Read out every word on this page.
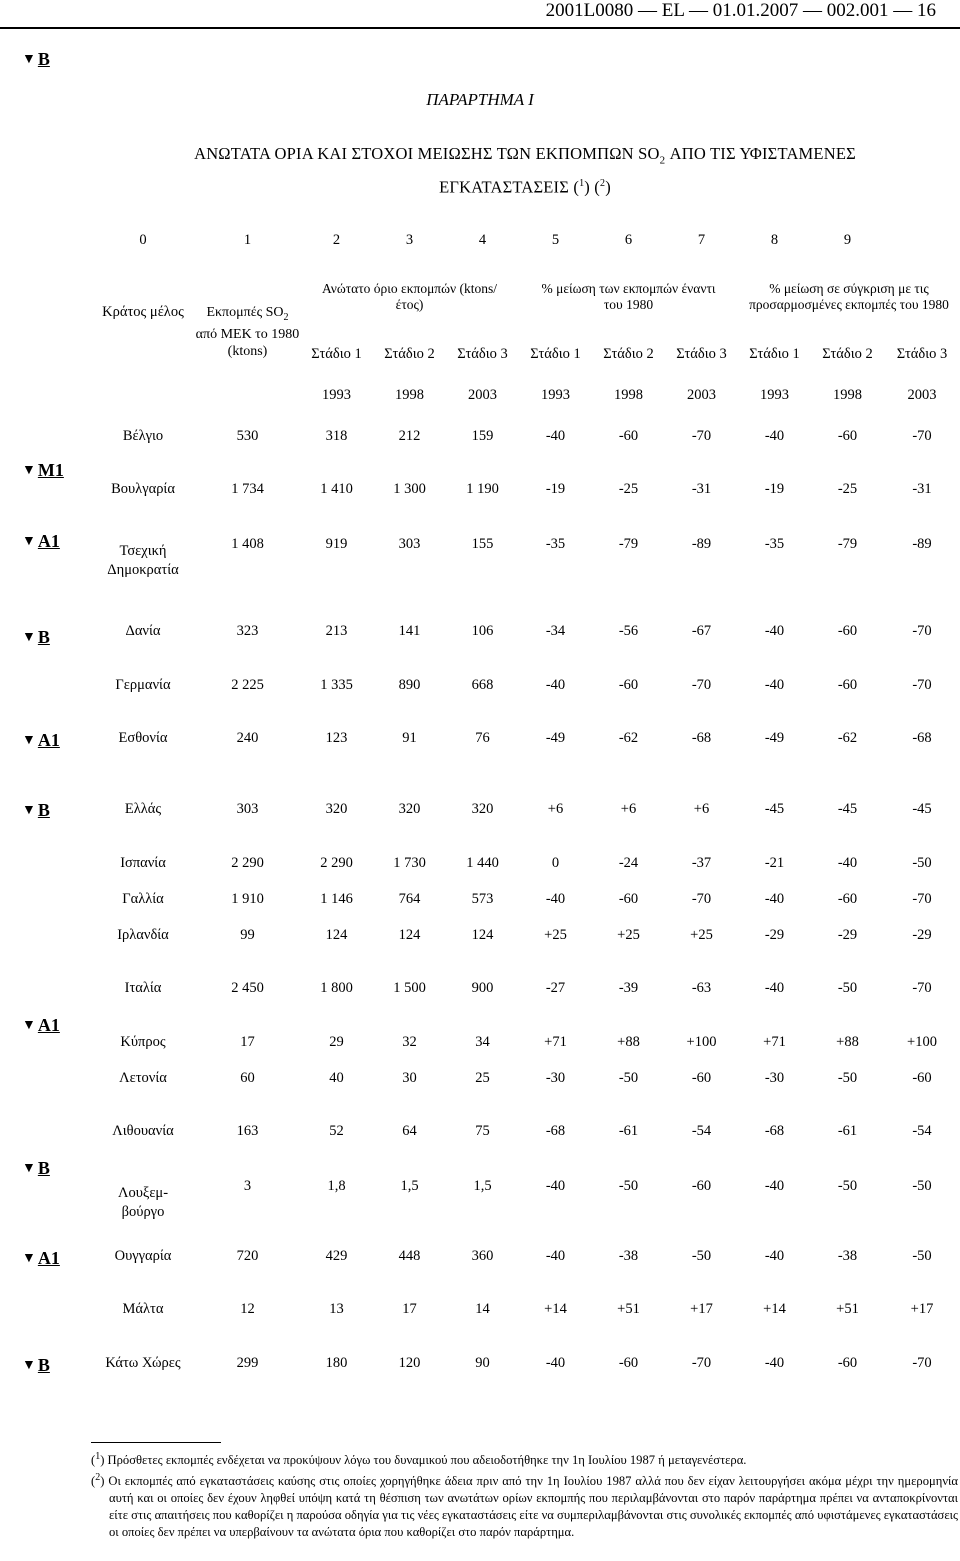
2001L0080 — EL — 01.01.2007 — 002.001 — 16
▼ B
▼ M1
▼ A1
▼ B
▼ A1
▼ B
▼ A1
▼ B
▼ A1
▼ B
ΠΑΡΑΡΤΗΜΑ Ι
ΑΝΩΤΑΤΑ ΟΡΙΑ ΚΑΙ ΣΤΟΧΟΙ ΜΕΙΩΣΗΣ ΤΩΝ ΕΚΠΟΜΠΩΝ $SO_2$ ΑΠΟ ΤΙΣ ΥΦΙΣΤΑΜΕΝΕΣ
ΕΓΚΑΤΑΣΤΑΣΕΙΣ ($^1$) ($^2$)
0	1	2	3	4	5	6	7	8	9	
Κράτος μέλος	Εκπομπές $SO_2$ από ΜΕΚ το 1980 (ktons)	Ανώτατο όριο εκπομπών (ktons/έτος)			% μείωση των εκπομπών έναντι του 1980			% μείωση σε σύγκριση με τις προσαρμοσμένες εκπομπές του 1980		
		Στάδιο 1	Στάδιο 2	Στάδιο 3	Στάδιο 1	Στάδιο 2	Στάδιο 3	Στάδιο 1	Στάδιο 2	Στάδιο 3
		1993	1998	2003	1993	1998	2003	1993	1998	2003
Βέλγιο	530	318	212	159	-40	-60	-70	-40	-60	-70
Βουλγαρία	1 734	1 410	1 300	1 190	-19	-25	-31	-19	-25	-31
Τσεχική Δημοκρατία	1 408	919	303	155	-35	-79	-89	-35	-79	-89
Δανία	323	213	141	106	-34	-56	-67	-40	-60	-70
Γερμανία	2 225	1 335	890	668	-40	-60	-70	-40	-60	-70
Εσθονία	240	123	91	76	-49	-62	-68	-49	-62	-68
Ελλάς	303	320	320	320	+6	+6	+6	-45	-45	-45
Ισπανία	2 290	2 290	1 730	1 440	0	-24	-37	-21	-40	-50
Γαλλία	1 910	1 146	764	573	-40	-60	-70	-40	-60	-70
Ιρλανδία	99	124	124	124	+25	+25	+25	-29	-29	-29
Ιταλία	2 450	1 800	1 500	900	-27	-39	-63	-40	-50	-70
Κύπρος	17	29	32	34	+71	+88	+100	+71	+88	+100
Λετονία	60	40	30	25	-30	-50	-60	-30	-50	-60
Λιθουανία	163	52	64	75	-68	-61	-54	-68	-61	-54
Λουξεμ-
βούργο	3	1,8	1,5	1,5	-40	-50	-60	-40	-50	-50
Ουγγαρία	720	429	448	360	-40	-38	-50	-40	-38	-50
Μάλτα	12	13	17	14	+14	+51	+17	+14	+51	+17
Κάτω Χώρες	299	180	120	90	-40	-60	-70	-40	-60	-70

($^1$) Πρόσθετες εκπομπές ενδέχεται να προκύψουν λόγω του δυναμικού που αδειοδοτήθηκε την 1η Ιουλίου 1987 ή μεταγενέστερα.

($^2$) Οι εκπομπές από εγκαταστάσεις καύσης στις οποίες χορηγήθηκε άδεια πριν από την 1η Ιουλίου 1987 αλλά που δεν είχαν λειτουργήσει ακόμα μέχρι την ημερομηνία αυτή και οι οποίες δεν έχουν ληφθεί υπόψη κατά τη θέσπιση των ανωτάτων ορίων εκπομπής που περιλαμβάνονται στο παρόν παράρτημα πρέπει να ανταποκρίνονται είτε στις απαιτήσεις που καθορίζει η παρούσα οδηγία για τις νέες εγκαταστάσεις είτε να συμπεριλαμβάνονται στις συνολικές εκπομπές από υφιστάμενες εγκαταστάσεις οι οποίες δεν πρέπει να υπερβαίνουν τα ανώτατα όρια που καθορίζει στο παρόν παράρτημα.
